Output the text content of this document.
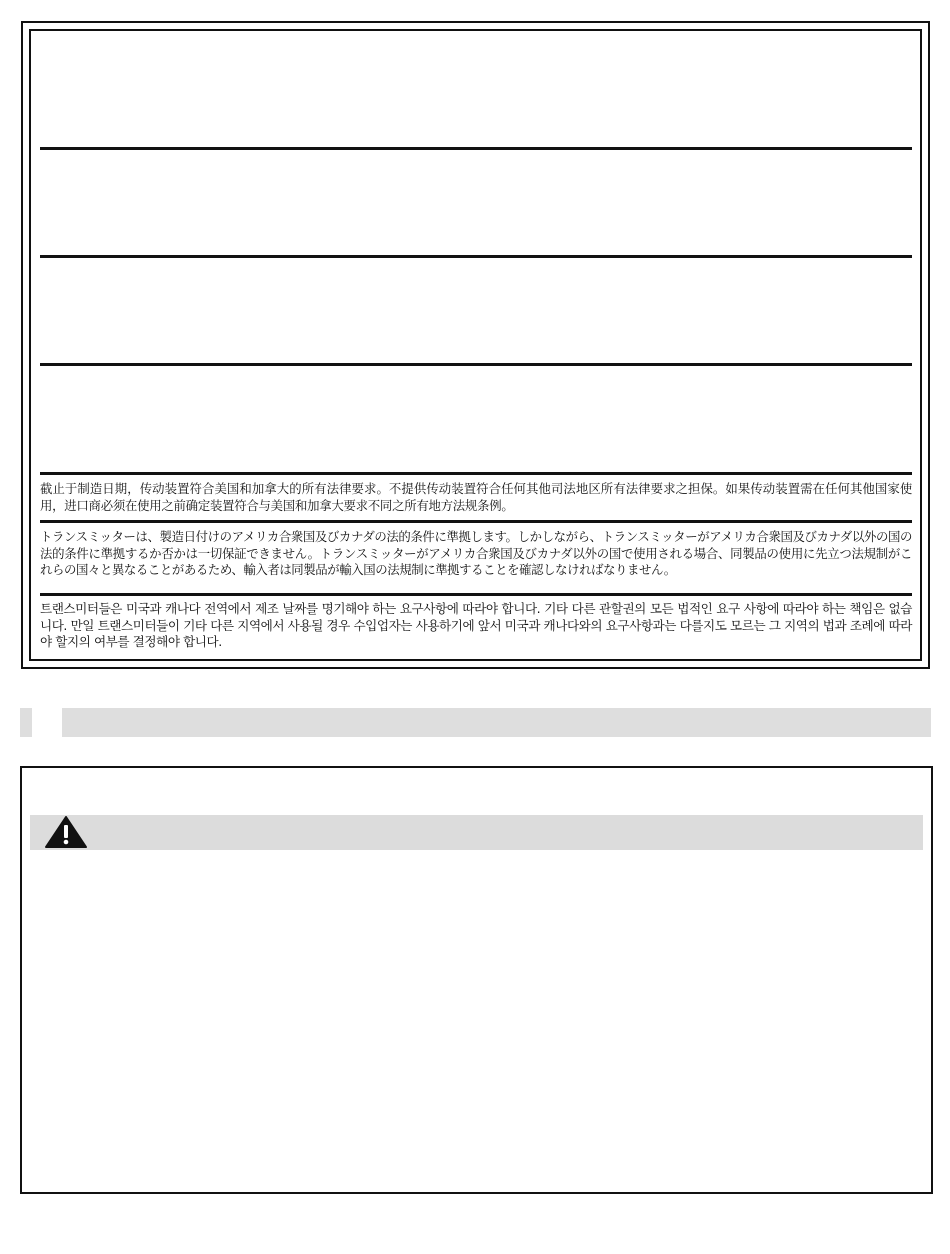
截止于制造日期，传动装置符合美国和加拿大的所有法律要求。不提供传动装置符合任何其他司法地区所有法律要求之担保。如果传动装置需在任何其他国家使用，进口商必须在使用之前确定装置符合与美国和加拿大要求不同之所有地方法规条例。

トランスミッターは、製造日付けのアメリカ合衆国及びカナダの法的条件に準拠します。しかしながら、トランスミッターがアメリカ合衆国及びカナダ以外の国の法的条件に準拠するか否かは一切保証できません。トランスミッターがアメリカ合衆国及びカナダ以外の国で使用される場合、同製品の使用に先立つ法規制がこれらの国々と異なることがあるため、輸入者は同製品が輸入国の法規制に準拠することを確認しなければなりません。

트랜스미터들은 미국과 캐나다 전역에서 제조 날짜를 명기해야 하는 요구사항에 따라야 합니다. 기타 다른 관할권의 모든 법적인 요구 사항에 따라야 하는 책임은 없습니다. 만일 트랜스미터들이 기타 다른 지역에서 사용될 경우 수입업자는 사용하기에 앞서 미국과 캐나다와의 요구사항과는 다를지도 모르는 그 지역의 법과 조례에 따라야 할지의 여부를 결정해야 합니다.
